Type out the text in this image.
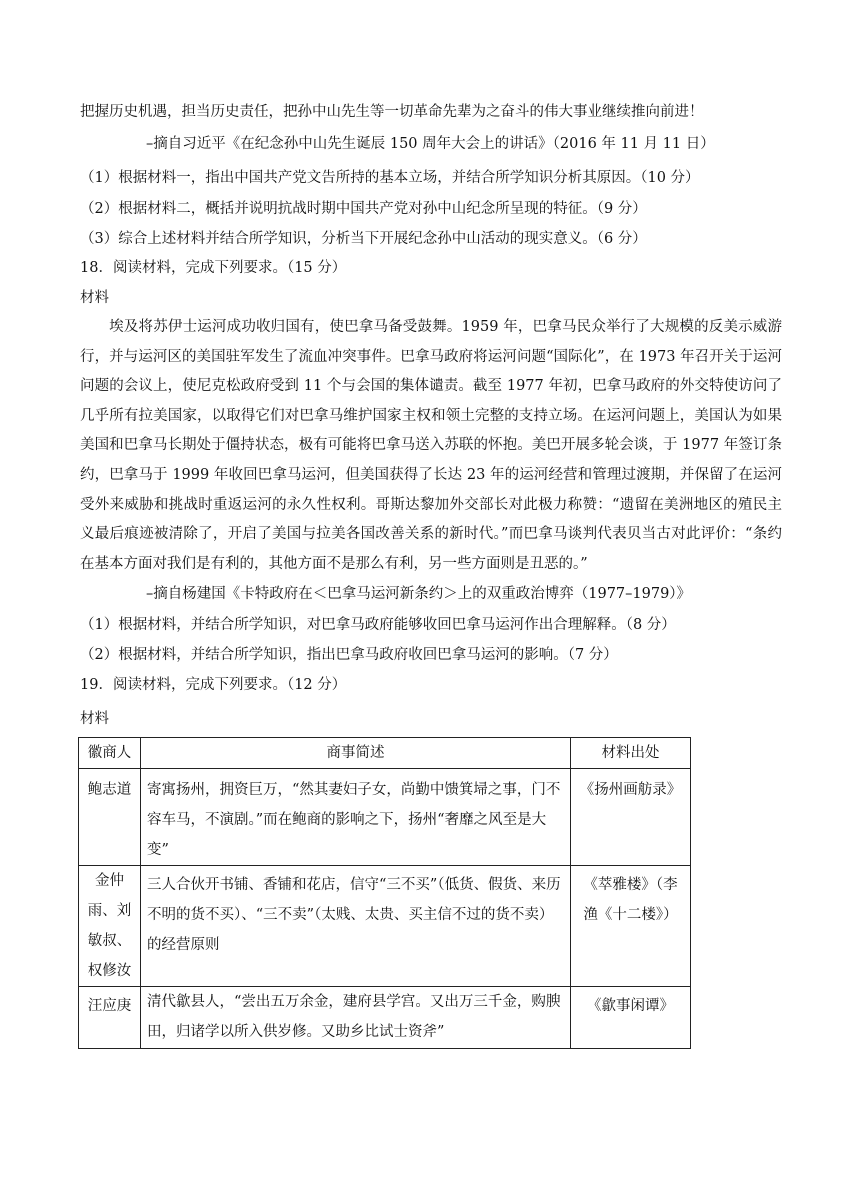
把握历史机遇，担当历史责任，把孙中山先生等一切革命先辈为之奋斗的伟大事业继续推向前进！
–摘自习近平《在纪念孙中山先生诞辰 150 周年大会上的讲话》（2016 年 11 月 11 日）
（1）根据材料一，指出中国共产党文告所持的基本立场，并结合所学知识分析其原因。（10 分）
（2）根据材料二，概括并说明抗战时期中国共产党对孙中山纪念所呈现的特征。（9 分）
（3）综合上述材料并结合所学知识，分析当下开展纪念孙中山活动的现实意义。（6 分）
18．阅读材料，完成下列要求。（15 分）
材料
埃及将苏伊士运河成功收归国有，使巴拿马备受鼓舞。1959 年，巴拿马民众举行了大规模的反美示威游行，并与运河区的美国驻军发生了流血冲突事件。巴拿马政府将运河问题“国际化”，在 1973 年召开关于运河问题的会议上，使尼克松政府受到 11 个与会国的集体谴责。截至 1977 年初，巴拿马政府的外交特使访问了几乎所有拉美国家，以取得它们对巴拿马维护国家主权和领土完整的支持立场。在运河问题上，美国认为如果美国和巴拿马长期处于僵持状态，极有可能将巴拿马送入苏联的怀抱。美巴开展多轮会谈，于 1977 年签订条约，巴拿马于 1999 年收回巴拿马运河，但美国获得了长达 23 年的运河经营和管理过渡期，并保留了在运河受外来威胁和挑战时重返运河的永久性权利。哥斯达黎加外交部长对此极力称赞：“遗留在美洲地区的殖民主义最后痕迹被清除了，开启了美国与拉美各国改善关系的新时代。”而巴拿马谈判代表贝当古对此评价：“条约在基本方面对我们是有利的，其他方面不是那么有利，另一些方面则是丑恶的。”
–摘自杨建国《卡特政府在＜巴拿马运河新条约＞上的双重政治博弈（1977–1979）》
（1）根据材料，并结合所学知识，对巴拿马政府能够收回巴拿马运河作出合理解释。（8 分）
（2）根据材料，并结合所学知识，指出巴拿马政府收回巴拿马运河的影响。（7 分）
19．阅读材料，完成下列要求。（12 分）
材料
徽商人	商事简述	材料出处
鲍志道	寄寓扬州，拥资巨万，“然其妻妇子女，尚勤中馈箕埽之事，门不容车马，不演剧。”而在鲍商的影响之下，扬州“奢靡之风至是大变”	《扬州画舫录》
金仲雨、刘敏叔、权修汝	三人合伙开书铺、香铺和花店，信守“三不买”（低货、假货、来历不明的货不买）、“三不卖”（太贱、太贵、买主信不过的货不卖）的经营原则	《萃雅楼》（李渔《十二楼》）
汪应庚	清代歙县人，“尝出五万余金，建府县学宫。又出万三千金，购腴田，归诸学以所入供岁修。又助乡比试士资斧”	《歙事闲谭》
